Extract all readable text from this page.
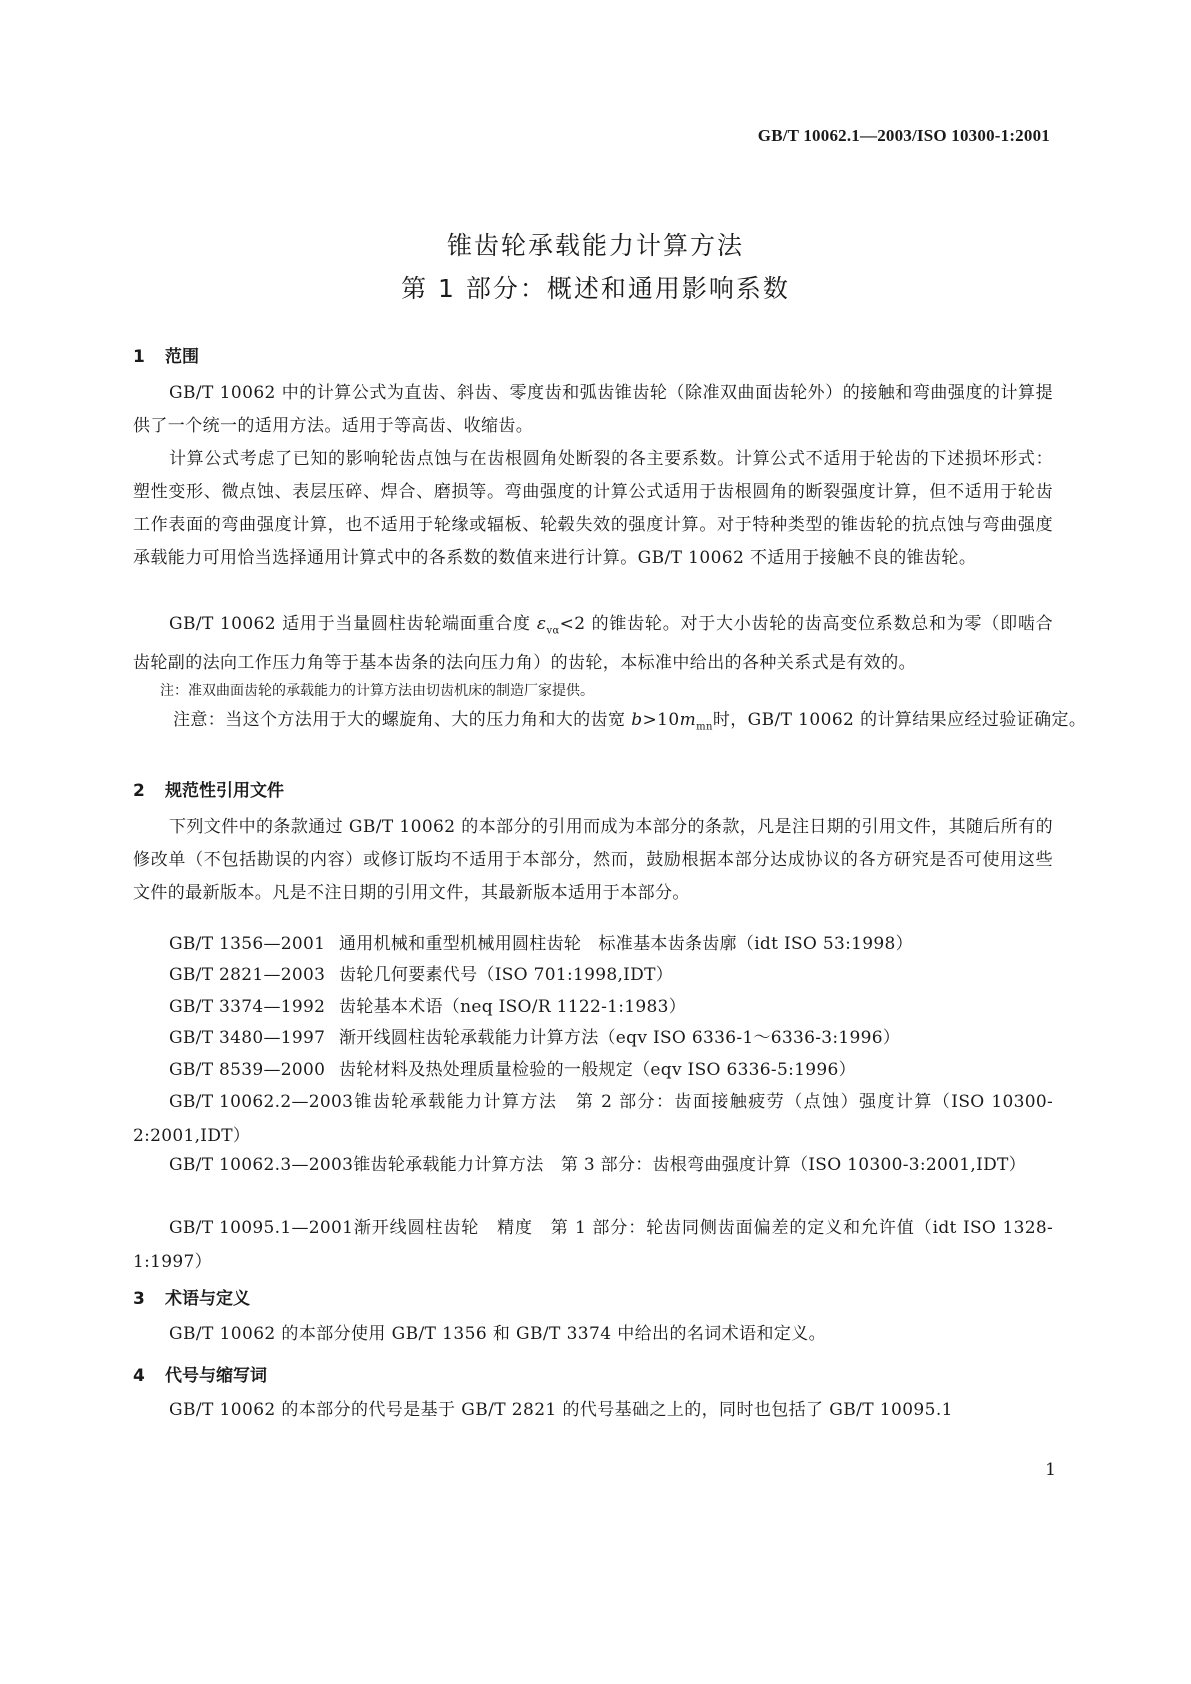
GB/T 10062.1—2003/ISO 10300-1:2001
锥齿轮承载能力计算方法
第 1 部分：概述和通用影响系数
1 范围

GB/T 10062 中的计算公式为直齿、斜齿、零度齿和弧齿锥齿轮（除准双曲面齿轮外）的接触和弯曲强度的计算提供了一个统一的适用方法。适用于等高齿、收缩齿。

计算公式考虑了已知的影响轮齿点蚀与在齿根圆角处断裂的各主要系数。计算公式不适用于轮齿的下述损坏形式：塑性变形、微点蚀、表层压碎、焊合、磨损等。弯曲强度的计算公式适用于齿根圆角的断裂强度计算，但不适用于轮齿工作表面的弯曲强度计算，也不适用于轮缘或辐板、轮毂失效的强度计算。对于特种类型的锥齿轮的抗点蚀与弯曲强度承载能力可用恰当选择通用计算式中的各系数的数值来进行计算。GB/T 10062 不适用于接触不良的锥齿轮。

GB/T 10062 适用于当量圆柱齿轮端面重合度 $\varepsilon_{v\alpha}<2$ 的锥齿轮。对于大小齿轮的齿高变位系数总和为零（即啮合齿轮副的法向工作压力角等于基本齿条的法向压力角）的齿轮，本标准中给出的各种关系式是有效的。

注：准双曲面齿轮的承载能力的计算方法由切齿机床的制造厂家提供。

注意：当这个方法用于大的螺旋角、大的压力角和大的齿宽 $b>10m_{mn}$时，GB/T 10062 的计算结果应经过验证确定。

2 规范性引用文件

下列文件中的条款通过 GB/T 10062 的本部分的引用而成为本部分的条款，凡是注日期的引用文件，其随后所有的修改单（不包括勘误的内容）或修订版均不适用于本部分，然而，鼓励根据本部分达成协议的各方研究是否可使用这些文件的最新版本。凡是不注日期的引用文件，其最新版本适用于本部分。

GB/T 1356—2001 通用机械和重型机械用圆柱齿轮　标准基本齿条齿廓（idt ISO 53:1998）

GB/T 2821—2003 齿轮几何要素代号（ISO 701:1998,IDT）

GB/T 3374—1992 齿轮基本术语（neq ISO/R 1122-1:1983）

GB/T 3480—1997 渐开线圆柱齿轮承载能力计算方法（eqv ISO 6336-1～6336-3:1996）

GB/T 8539—2000 齿轮材料及热处理质量检验的一般规定（eqv ISO 6336-5:1996）

GB/T 10062.2—2003锥齿轮承载能力计算方法　第 2 部分：齿面接触疲劳（点蚀）强度计算（ISO 10300-2:2001,IDT）

GB/T 10062.3—2003锥齿轮承载能力计算方法　第 3 部分：齿根弯曲强度计算（ISO 10300-3:2001,IDT）

GB/T 10095.1—2001渐开线圆柱齿轮　精度　第 1 部分：轮齿同侧齿面偏差的定义和允许值（idt ISO 1328-1:1997）

3 术语与定义

GB/T 10062 的本部分使用 GB/T 1356 和 GB/T 3374 中给出的名词术语和定义。

4 代号与缩写词

GB/T 10062 的本部分的代号是基于 GB/T 2821 的代号基础之上的，同时也包括了 GB/T 10095.1

1
